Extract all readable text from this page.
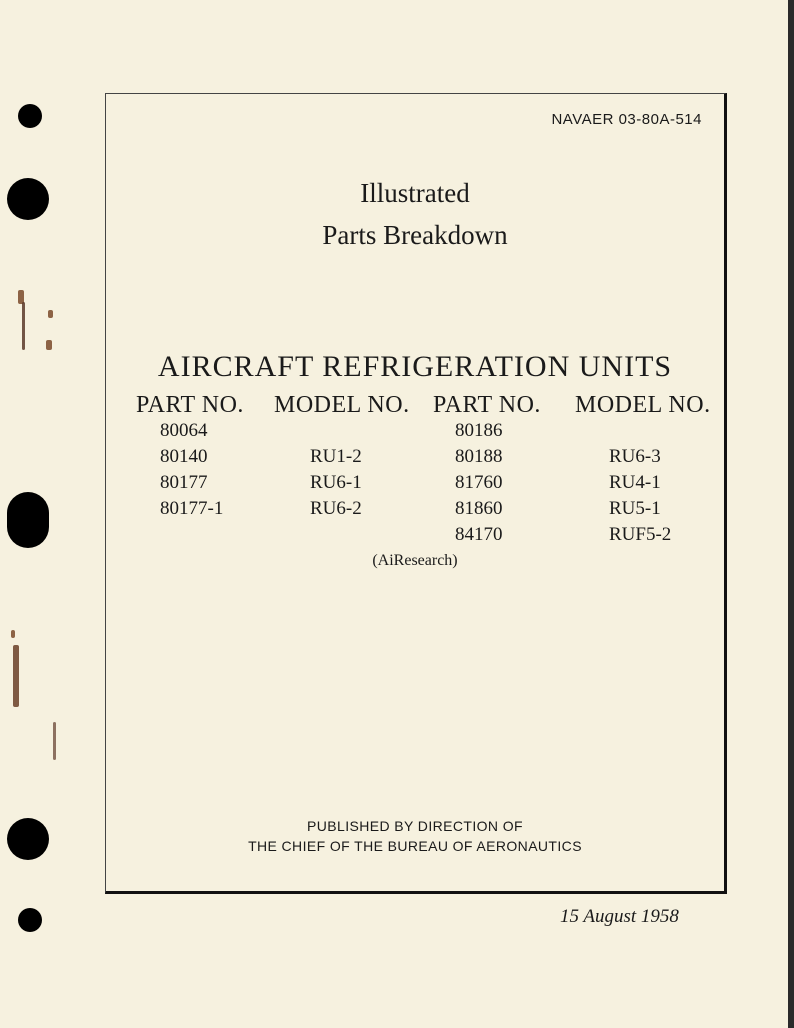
NAVAER 03-80A-514
Illustrated
Parts Breakdown
AIRCRAFT REFRIGERATION UNITS
PART NO.
80064
80140
80177
80177-1
MODEL NO.
RU1-2
RU6-1
RU6-2
PART NO.
80186
80188
81760
81860
84170
MODEL NO.
RU6-3
RU4-1
RU5-1
RUF5-2
(AiResearch)
PUBLISHED BY DIRECTION OF
THE CHIEF OF THE BUREAU OF AERONAUTICS
15 August 1958
